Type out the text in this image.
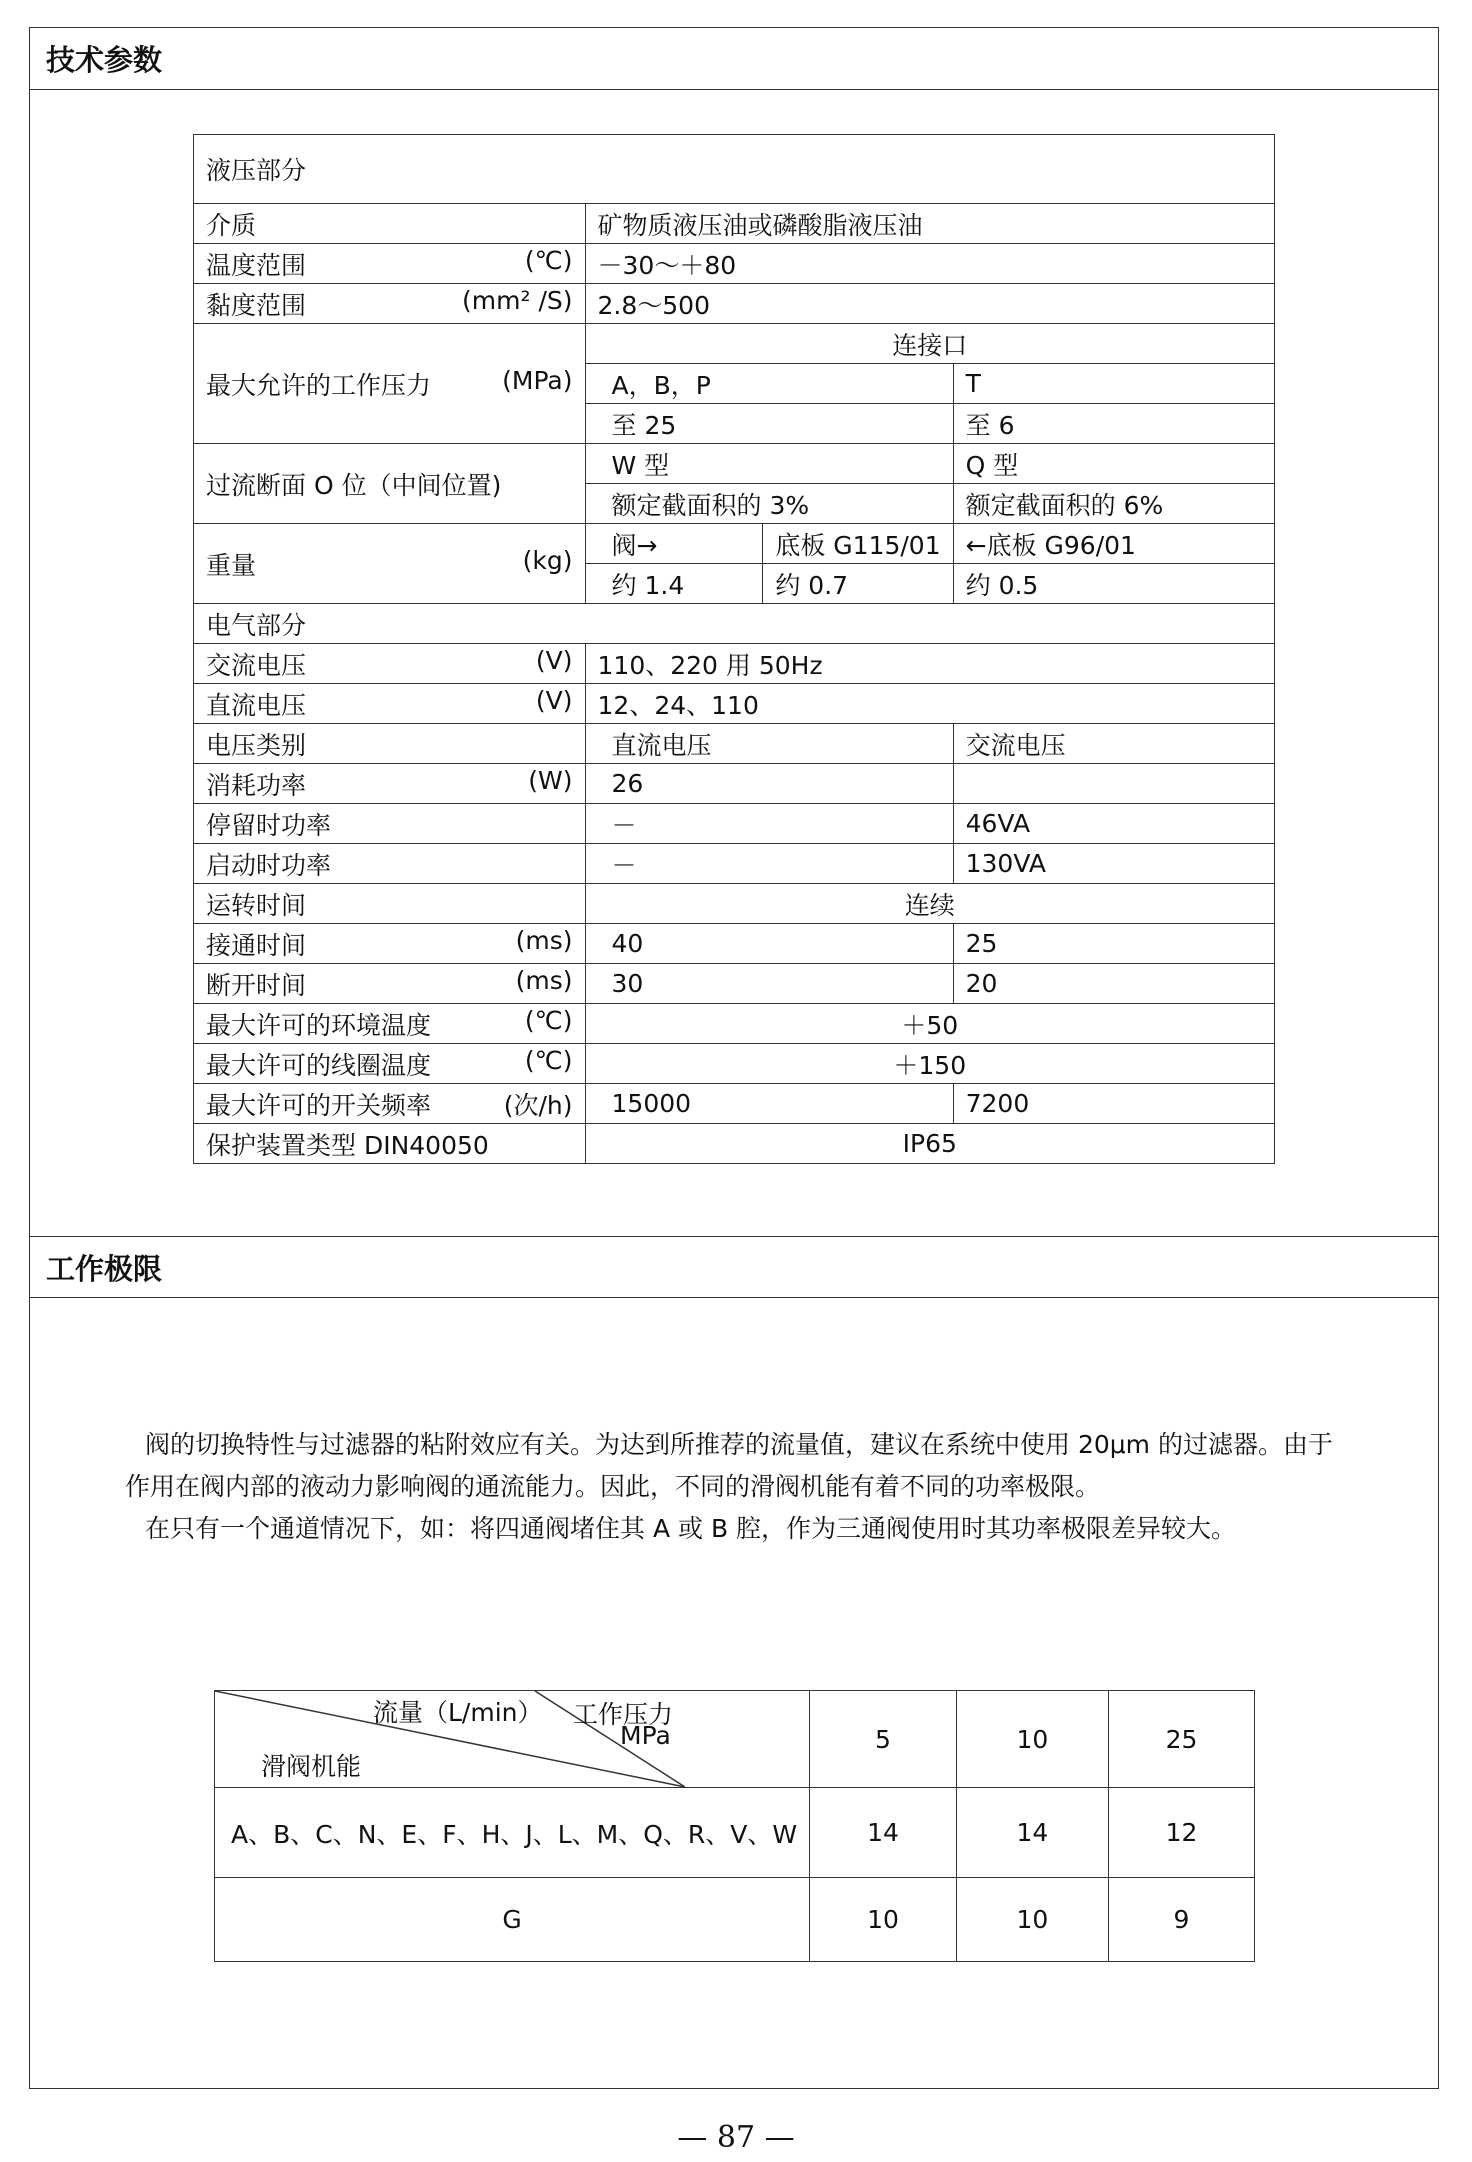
技术参数
工作极限
液压部分			
介质	矿物质液压油或磷酸脂液压油		

温度范围 (℃)	－30～＋80		

黏度范围 (mm² /S)	2.8～500		

最大允许的工作压力 (MPa)	连接口		
	A，B，P		T
	至 25		至 6
过流断面 O 位（中间位置)	W 型		Q 型
	额定截面积的 3%		额定截面积的 6%

重量 (kg)	阀→	底板 G115/01	←底板 G96/01
	约 1.4	约 0.7	约 0.5
电气部分			

交流电压 (V)	110、220 用 50Hz		

直流电压 (V)	12、24、110		
电压类别	直流电压		交流电压

消耗功率 (W)	26		
停留时功率	－		46VA
启动时功率	－		130VA
运转时间	连续		

接通时间 (ms)	40		25

断开时间 (ms)	30		20

最大许可的环境温度 (℃)	＋50		

最大许可的线圈温度 (℃)	＋150		

最大许可的开关频率 (次/h)	15000		7200
保护装置类型 DIN40050	IP65		
阀的切换特性与过滤器的粘附效应有关。为达到所推荐的流量值，建议在系统中使用 20μm 的过滤器。由于作用在阀内部的液动力影响阀的通流能力。因此，不同的滑阀机能有着不同的功率极限。
在只有一个通道情况下，如：将四通阀堵住其 A 或 B 腔，作为三通阀使用时其功率极限差异较大。
流量（L/min） 工作压力
MPa
滑阀机能	5	10	25
A、B、C、N、E、F、H、J、L、M、Q、R、V、W	14	14	12
G	10	10	9
— 87 —
